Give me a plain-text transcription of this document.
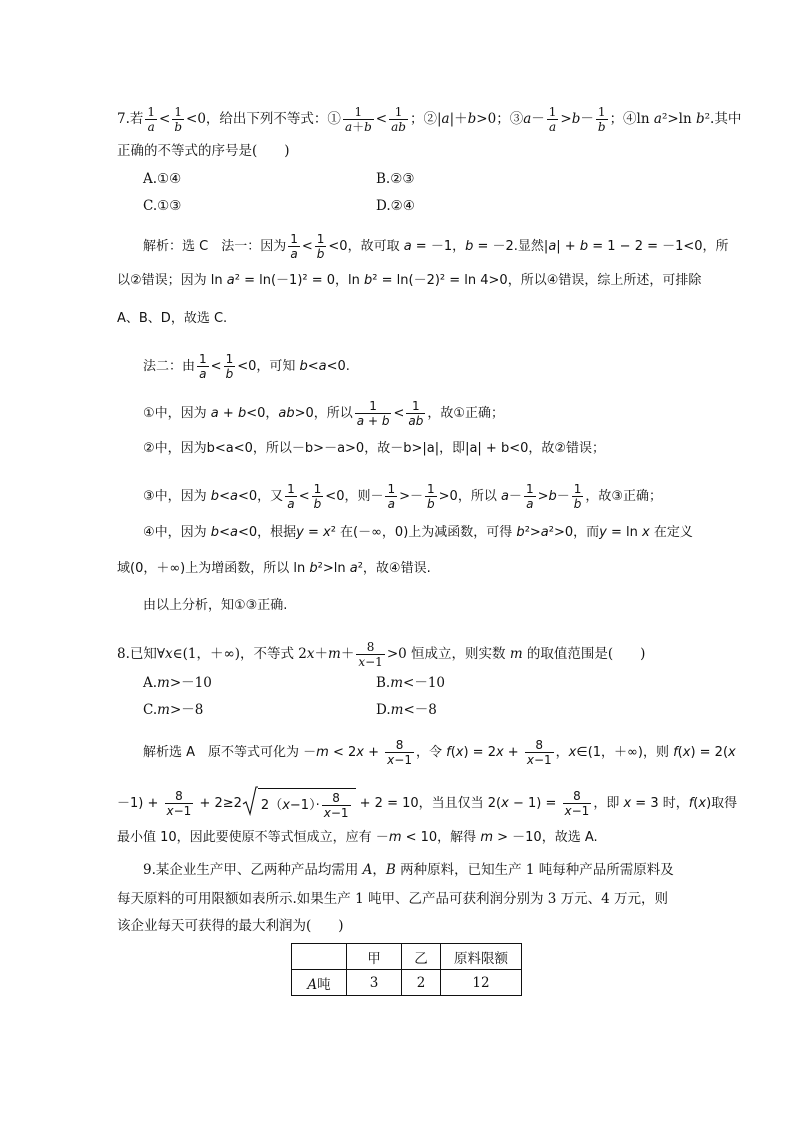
7.若 $\frac{1}{a} < \frac{1}{b} <0$，给出下列不等式：① $\frac{1}{a+b} < \frac{1}{ab}$ ；②|a|＋b>0；③a－ $\frac{1}{a} >b- \frac{1}{b}$ ；④ln a²>ln b².其中
正确的不等式的序号是(　　)
A.①④	B.②③
C.①③	D.②④
解析：选 C　法一：因为 $\frac{1}{a} < \frac{1}{b} <0$，故可取 a = －1，b = －2.显然|a| + b = 1 − 2 = －1<0，所
以②错误；因为 ln a² = ln(－1)² = 0，ln b² = ln(－2)² = ln 4>0，所以④错误，综上所述，可排除
A、B、D，故选 C.
法二：由 $\frac{1}{a} < \frac{1}{b} <0$，可知 b<a<0.
①中，因为 a + b<0，ab>0，所以 $\frac{1}{a + b} < \frac{1}{ab}$ ，故①正确；
②中，因为b<a<0，所以－b>－a>0，故－b>|a|，即|a| + b<0，故②错误；
③中，因为 b<a<0，又 $\frac{1}{a} < \frac{1}{b} <0$，则－ $\frac{1}{a} >- \frac{1}{b} >0$，所以 $a- \frac{1}{a} >b- \frac{1}{b}$ ，故③正确；
④中，因为 b<a<0，根据y = x² 在(－∞，0)上为减函数，可得 b²>a²>0，而y = ln x 在定义
域(0，＋∞)上为增函数，所以 ln b²>ln a²，故④错误.
由以上分析，知①③正确.
8.已知∀x∈(1，＋∞)，不等式 $2x+m+ \frac{8}{x-1} >0$ 恒成立，则实数 m 的取值范围是(　　)
A.m>－10	B.m<－10
C.m>－8	D.m<－8
解析选 A　原不等式可化为 $-m < 2x + \frac{8}{x-1}$ ，令 $f(x) = 2x + \frac{8}{x-1}$ ，x∈(1，＋∞)，则 f(x) = 2(x
$-1) + \frac{8}{x-1} + 2\ge 2$ $2(x-1)\cdot \frac{8}{x-1} + 2 = 10$，当且仅当 $2(x - 1) = \frac{8}{x-1}$ ，即 x = 3 时，f(x)取得
最小值 10，因此要使原不等式恒成立，应有 －m < 10，解得 m > －10，故选 A.
9.某企业生产甲、乙两种产品均需用 A，B 两种原料，已知生产 1 吨每种产品所需原料及
每天原料的可用限额如表所示.如果生产 1 吨甲、乙产品可获利润分别为 3 万元、4 万元，则
该企业每天可获得的最大利润为(　　)
	甲	乙	原料限额
A吨	3	2	12
